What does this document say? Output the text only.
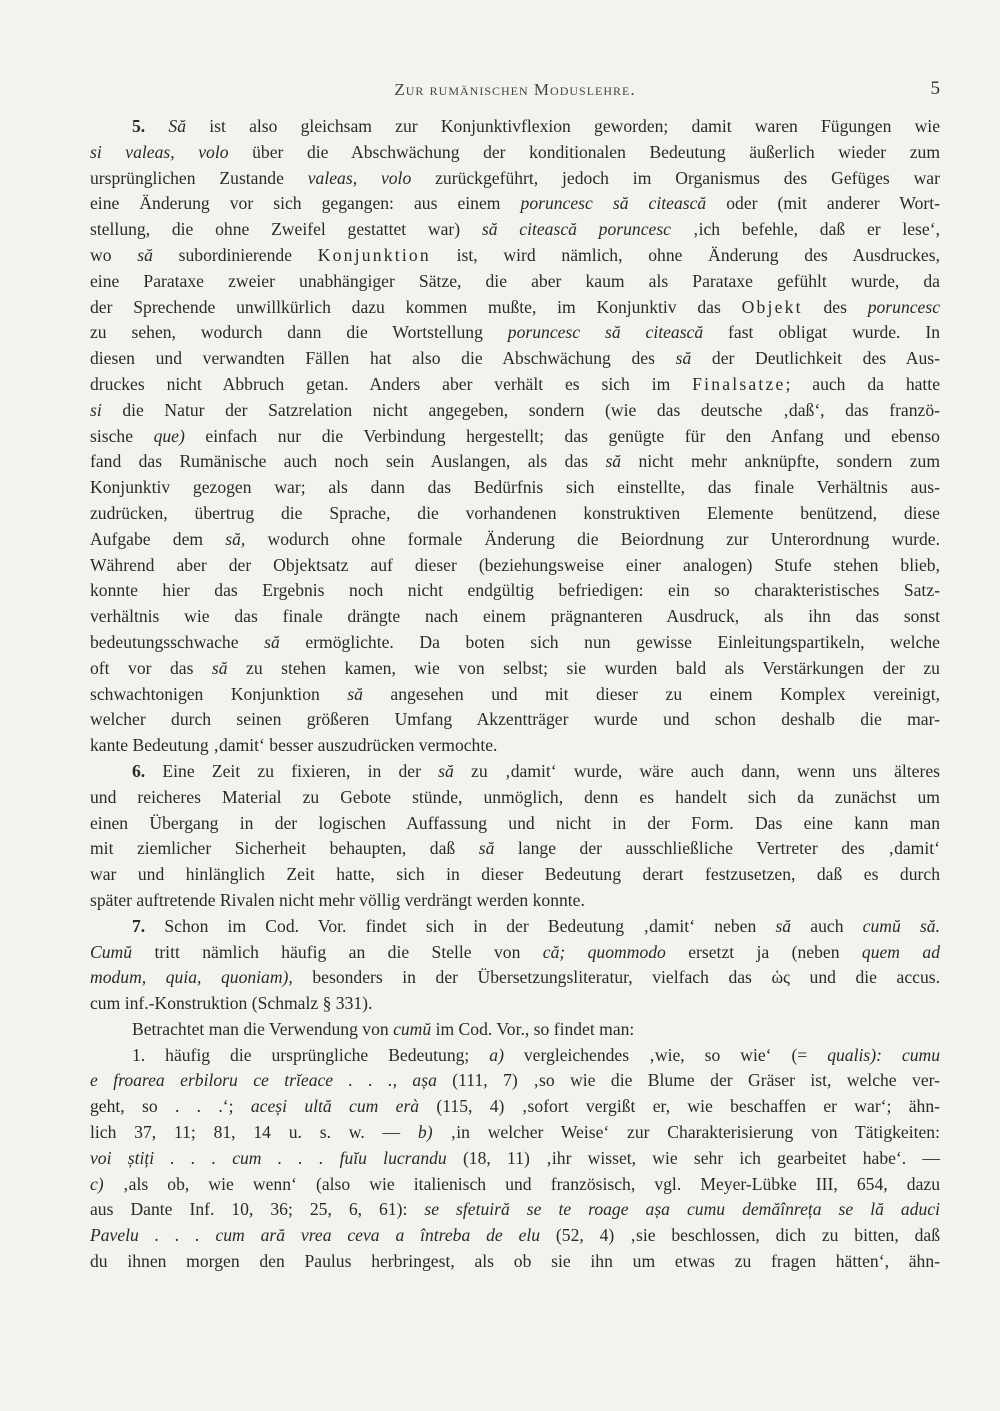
Zur rumänischen Moduslehre.	5
5. Să ist also gleichsam zur Konjunktivflexion geworden; damit waren Fügungen wie
si valeas, volo über die Abschwächung der konditionalen Bedeutung äußerlich wieder zum
ursprünglichen Zustande valeas, volo zurückgeführt, jedoch im Organismus des Gefüges war
eine Änderung vor sich gegangen: aus einem poruncesc să citească oder (mit anderer Wort-
stellung, die ohne Zweifel gestattet war) să citească poruncesc ‚ich befehle, daß er lese‘,
wo să subordinierende Konjunktion ist, wird nämlich, ohne Änderung des Ausdruckes,
eine Parataxe zweier unabhängiger Sätze, die aber kaum als Parataxe gefühlt wurde, da
der Sprechende unwillkürlich dazu kommen mußte, im Konjunktiv das Objekt des poruncesc
zu sehen, wodurch dann die Wortstellung poruncesc să citească fast obligat wurde. In
diesen und verwandten Fällen hat also die Abschwächung des să der Deutlichkeit des Aus-
druckes nicht Abbruch getan. Anders aber verhält es sich im Finalsatze; auch da hatte
si die Natur der Satzrelation nicht angegeben, sondern (wie das deutsche ‚daß‘, das franzö-
sische que) einfach nur die Verbindung hergestellt; das genügte für den Anfang und ebenso
fand das Rumänische auch noch sein Auslangen, als das să nicht mehr anknüpfte, sondern zum
Konjunktiv gezogen war; als dann das Bedürfnis sich einstellte, das finale Verhältnis aus-
zudrücken, übertrug die Sprache, die vorhandenen konstruktiven Elemente benützend, diese
Aufgabe dem să, wodurch ohne formale Änderung die Beiordnung zur Unterordnung wurde.
Während aber der Objektsatz auf dieser (beziehungsweise einer analogen) Stufe stehen blieb,
konnte hier das Ergebnis noch nicht endgültig befriedigen: ein so charakteristisches Satz-
verhältnis wie das finale drängte nach einem prägnanteren Ausdruck, als ihn das sonst
bedeutungsschwache să ermöglichte. Da boten sich nun gewisse Einleitungspartikeln, welche
oft vor das să zu stehen kamen, wie von selbst; sie wurden bald als Verstärkungen der zu
schwachtonigen Konjunktion să angesehen und mit dieser zu einem Komplex vereinigt,
welcher durch seinen größeren Umfang Akzentträger wurde und schon deshalb die mar-
kante Bedeutung ‚damit‘ besser auszudrücken vermochte.
6. Eine Zeit zu fixieren, in der să zu ‚damit‘ wurde, wäre auch dann, wenn uns älteres
und reicheres Material zu Gebote stünde, unmöglich, denn es handelt sich da zunächst um
einen Übergang in der logischen Auffassung und nicht in der Form. Das eine kann man
mit ziemlicher Sicherheit behaupten, daß să lange der ausschließliche Vertreter des ‚damit‘
war und hinlänglich Zeit hatte, sich in dieser Bedeutung derart festzusetzen, daß es durch
später auftretende Rivalen nicht mehr völlig verdrängt werden konnte.
7. Schon im Cod. Vor. findet sich in der Bedeutung ‚damit‘ neben să auch cumŭ să.
Cumŭ tritt nämlich häufig an die Stelle von că; quommodo ersetzt ja (neben quem ad
modum, quia, quoniam), besonders in der Übersetzungsliteratur, vielfach das ὡς und die accus.
cum inf.-Konstruktion (Schmalz § 331).
Betrachtet man die Verwendung von cumŭ im Cod. Vor., so findet man:
1. häufig die ursprüngliche Bedeutung; a) vergleichendes ‚wie, so wie‘ (= qualis): cumu
e froarea erbiloru ce trĭeace . . ., așa (111, 7) ‚so wie die Blume der Gräser ist, welche ver-
geht, so . . .‘; aceși ultă cum erà (115, 4) ‚sofort vergißt er, wie beschaffen er war‘; ähn-
lich 37, 11; 81, 14 u. s. w. — b) ‚in welcher Weise‘ zur Charakterisierung von Tätigkeiten:
voi știți . . . cum . . . fuĭu lucrandu (18, 11) ‚ihr wisset, wie sehr ich gearbeitet habe‘. —
c) ‚als ob, wie wenn‘ (also wie italienisch und französisch, vgl. Meyer-Lübke III, 654, dazu
aus Dante Inf. 10, 36; 25, 6, 61): se sfetuiră se te roage așa cumu demăînreța se lă aduci
Pavelu . . . cum ară vrea ceva a întreba de elu (52, 4) ‚sie beschlossen, dich zu bitten, daß
du ihnen morgen den Paulus herbringest, als ob sie ihn um etwas zu fragen hätten‘, ähn-
